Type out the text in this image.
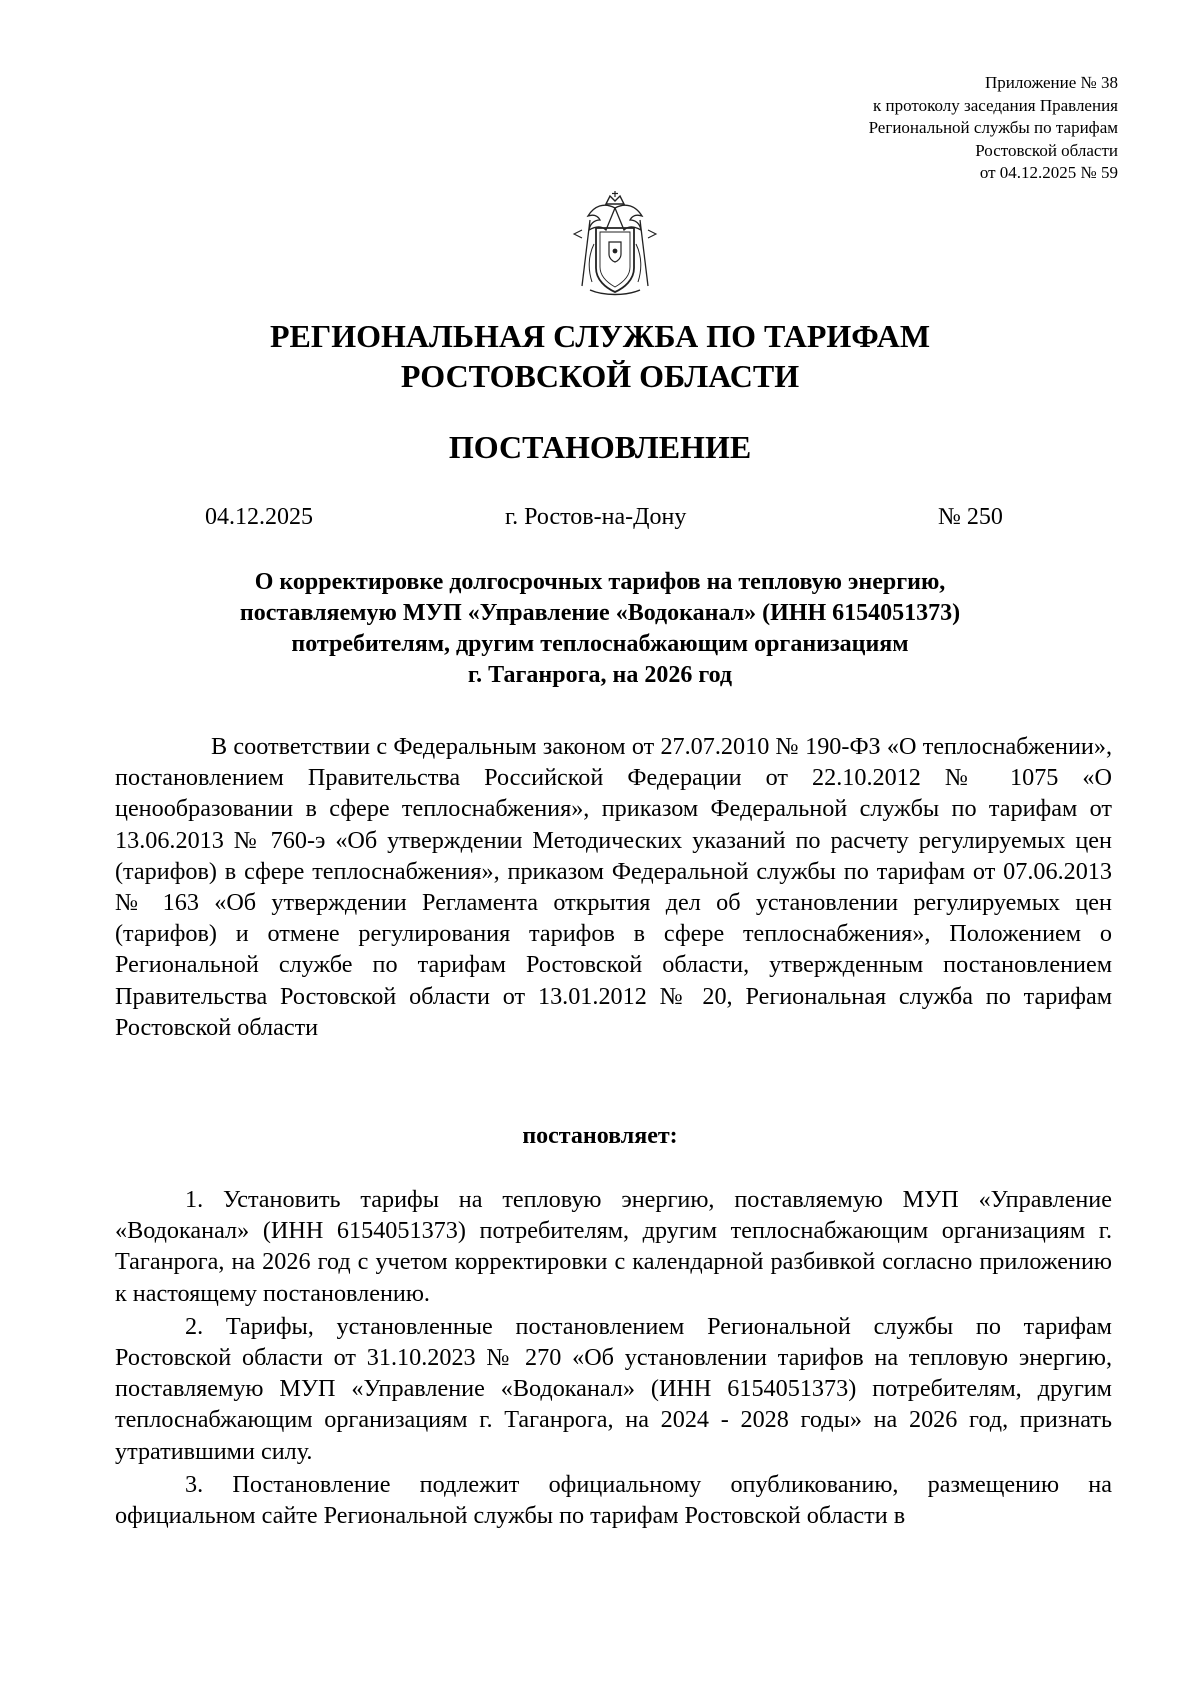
Приложение № 38
к протоколу заседания Правления
Региональной службы по тарифам
Ростовской области
от 04.12.2025 № 59
РЕГИОНАЛЬНАЯ СЛУЖБА ПО ТАРИФАМ
РОСТОВСКОЙ ОБЛАСТИ
ПОСТАНОВЛЕНИЕ
04.12.2025	г. Ростов-на-Дону	№ 250
О корректировке долгосрочных тарифов на тепловую энергию,
поставляемую МУП «Управление «Водоканал» (ИНН 6154051373)
потребителям, другим теплоснабжающим организациям
г. Таганрога, на 2026 год

В соответствии с Федеральным законом от 27.07.2010 № 190-ФЗ «О теплоснабжении», постановлением Правительства Российской Федерации от 22.10.2012 № 1075 «О ценообразовании в сфере теплоснабжения», приказом Федеральной службы по тарифам от 13.06.2013 № 760-э «Об утверждении Методических указаний по расчету регулируемых цен (тарифов) в сфере теплоснабжения», приказом Федеральной службы по тарифам от 07.06.2013 № 163 «Об утверждении Регламента открытия дел об установлении регулируемых цен (тарифов) и отмене регулирования тарифов в сфере теплоснабжения», Положением о Региональной службе по тарифам Ростовской области, утвержденным постановлением Правительства Ростовской области от 13.01.2012 № 20, Региональная служба по тарифам Ростовской области

постановляет:

1. Установить тарифы на тепловую энергию, поставляемую МУП «Управление «Водоканал» (ИНН 6154051373) потребителям, другим теплоснабжающим организациям г. Таганрога, на 2026 год с учетом корректировки с календарной разбивкой согласно приложению к настоящему постановлению.

2. Тарифы, установленные постановлением Региональной службы по тарифам Ростовской области от 31.10.2023 № 270 «Об установлении тарифов на тепловую энергию, поставляемую МУП «Управление «Водоканал» (ИНН 6154051373) потребителям, другим теплоснабжающим организациям г. Таганрога, на 2024 - 2028 годы» на 2026 год, признать утратившими силу.

3. Постановление подлежит официальному опубликованию, размещению на официальном сайте Региональной службы по тарифам Ростовской области в
